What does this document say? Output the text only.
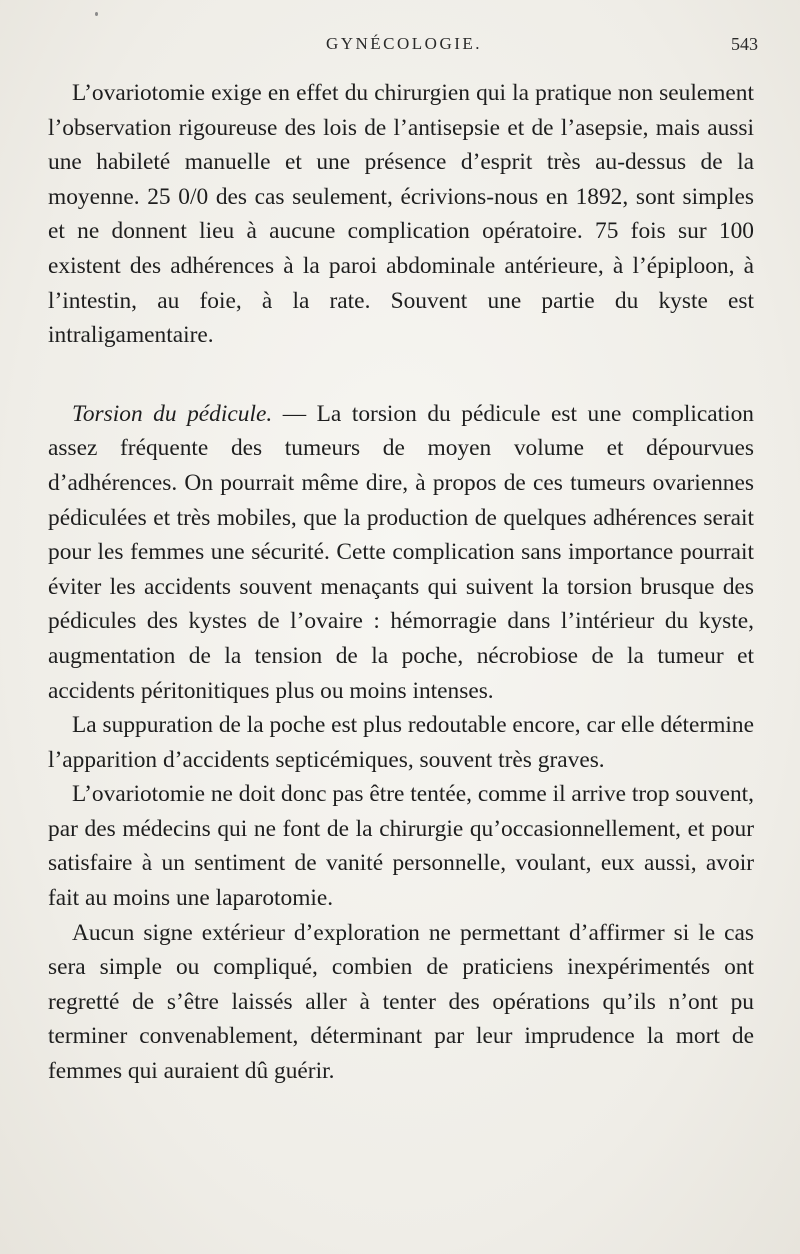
GYNÉCOLOGIE.	543

L’ovariotomie exige en effet du chirurgien qui la pratique non seulement l’observation rigoureuse des lois de l’antisepsie et de l’asepsie, mais aussi une habileté manuelle et une présence d’esprit très au-dessus de la moyenne. 25 0/0 des cas seulement, écrivions-nous en 1892, sont simples et ne donnent lieu à aucune complication opératoire. 75 fois sur 100 existent des adhérences à la paroi abdominale antérieure, à l’épiploon, à l’intestin, au foie, à la rate. Souvent une partie du kyste est intraligamentaire.

Torsion du pédicule. — La torsion du pédicule est une complication assez fréquente des tumeurs de moyen volume et dépourvues d’adhérences. On pourrait même dire, à propos de ces tumeurs ovariennes pédiculées et très mobiles, que la production de quelques adhérences serait pour les femmes une sécurité. Cette complication sans importance pourrait éviter les accidents souvent menaçants qui suivent la torsion brusque des pédicules des kystes de l’ovaire : hémorragie dans l’intérieur du kyste, augmentation de la tension de la poche, nécrobiose de la tumeur et accidents péritonitiques plus ou moins intenses.

La suppuration de la poche est plus redoutable encore, car elle détermine l’apparition d’accidents septicémiques, souvent très graves.

L’ovariotomie ne doit donc pas être tentée, comme il arrive trop souvent, par des médecins qui ne font de la chirurgie qu’occasionnellement, et pour satisfaire à un sentiment de vanité personnelle, voulant, eux aussi, avoir fait au moins une laparotomie.

Aucun signe extérieur d’exploration ne permettant d’affirmer si le cas sera simple ou compliqué, combien de praticiens inexpérimentés ont regretté de s’être laissés aller à tenter des opérations qu’ils n’ont pu terminer convenablement, déterminant par leur imprudence la mort de femmes qui auraient dû guérir.
